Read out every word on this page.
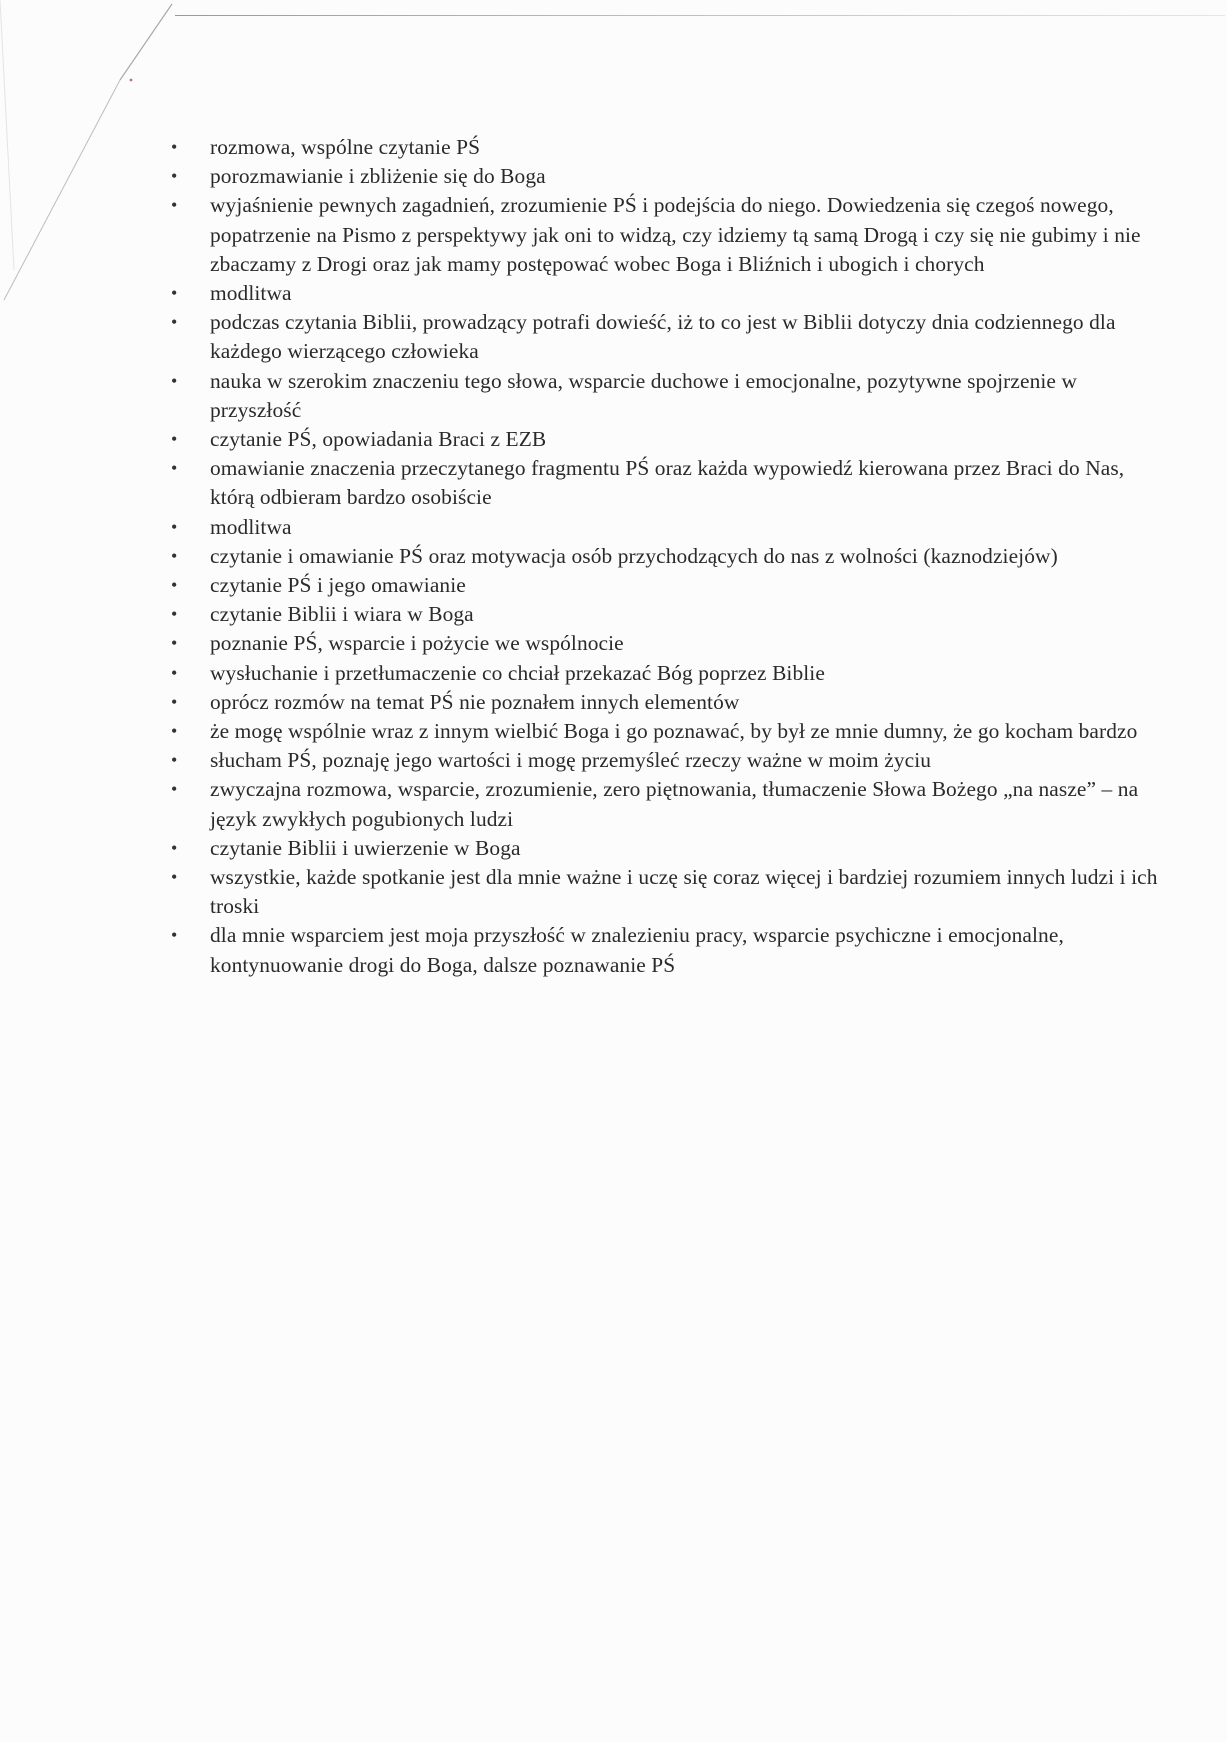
• rozmowa, wspólne czytanie PŚ
• porozmawianie i zbliżenie się do Boga
• wyjaśnienie pewnych zagadnień, zrozumienie PŚ i podejścia do niego. Dowiedzenia się czegoś nowego, popatrzenie na Pismo z perspektywy jak oni to widzą, czy idziemy tą samą Drogą i czy się nie gubimy i nie zbaczamy z Drogi oraz jak mamy postępować wobec Boga i Bliźnich i ubogich i chorych
• modlitwa
• podczas czytania Biblii, prowadzący potrafi dowieść, iż to co jest w Biblii dotyczy dnia codziennego dla każdego wierzącego człowieka
• nauka w szerokim znaczeniu tego słowa, wsparcie duchowe i emocjonalne, pozytywne spojrzenie w przyszłość
• czytanie PŚ, opowiadania Braci z EZB
• omawianie znaczenia przeczytanego fragmentu PŚ oraz każda wypowiedź kierowana przez Braci do Nas, którą odbieram bardzo osobiście
• modlitwa
• czytanie i omawianie PŚ oraz motywacja osób przychodzących do nas z wolności (kaznodziejów)
• czytanie PŚ i jego omawianie
• czytanie Biblii i wiara w Boga
• poznanie PŚ, wsparcie i pożycie we wspólnocie
• wysłuchanie i przetłumaczenie co chciał przekazać Bóg poprzez Biblie
• oprócz rozmów na temat PŚ nie poznałem innych elementów
• że mogę wspólnie wraz z innym wielbić Boga i go poznawać, by był ze mnie dumny, że go kocham bardzo
• słucham PŚ, poznaję jego wartości i mogę przemyśleć rzeczy ważne w moim życiu
• zwyczajna rozmowa, wsparcie, zrozumienie, zero piętnowania, tłumaczenie Słowa Bożego „na nasze” – na język zwykłych pogubionych ludzi
• czytanie Biblii i uwierzenie w Boga
• wszystkie, każde spotkanie jest dla mnie ważne i uczę się coraz więcej i bardziej rozumiem innych ludzi i ich troski
• dla mnie wsparciem jest moja przyszłość w znalezieniu pracy, wsparcie psychiczne i emocjonalne, kontynuowanie drogi do Boga, dalsze poznawanie PŚ
